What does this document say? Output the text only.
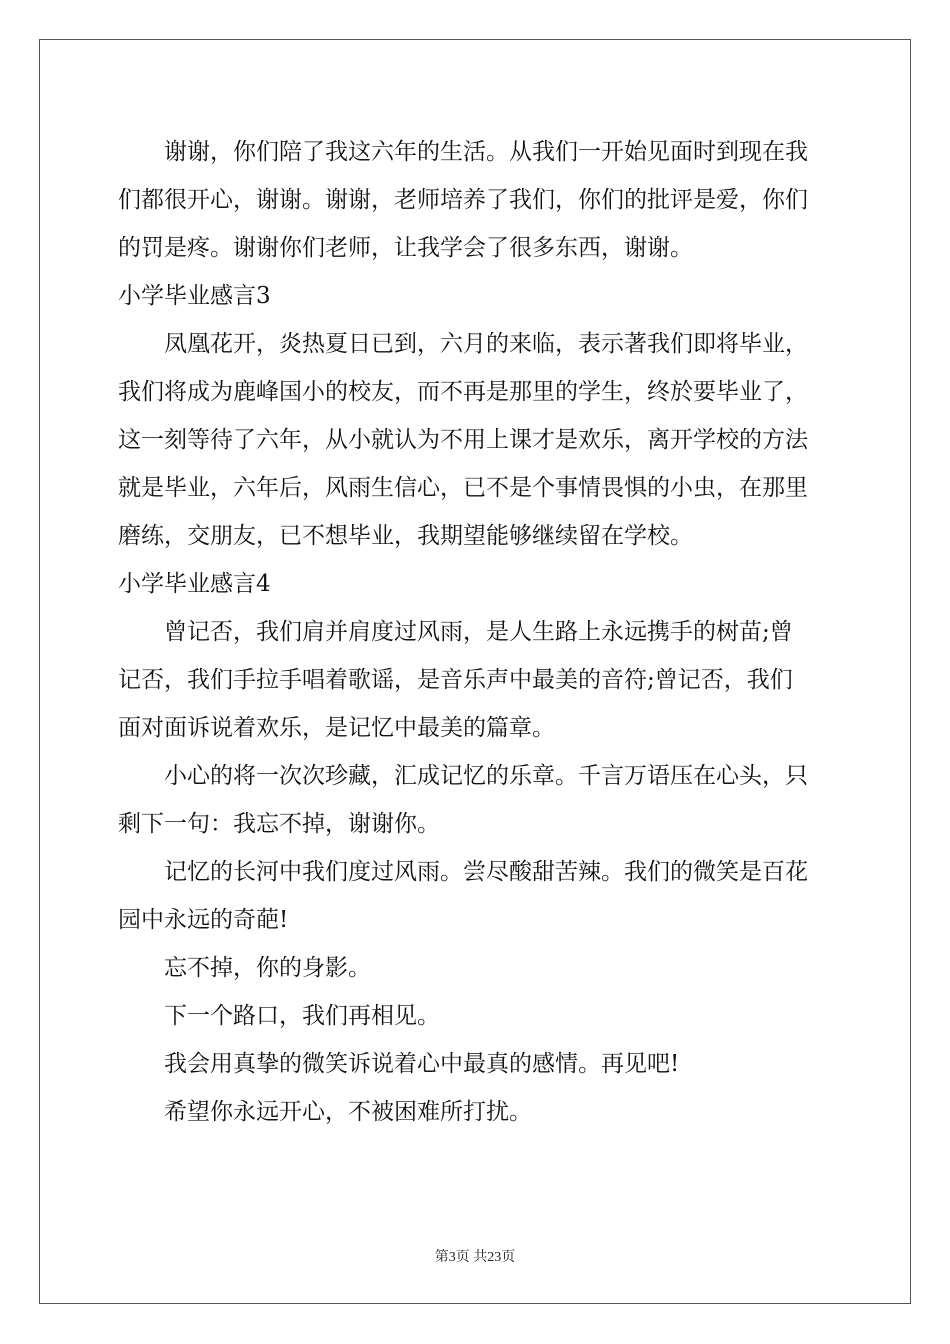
谢谢，你们陪了我这六年的生活。从我们一开始见面时到现在我
们都很开心，谢谢。谢谢，老师培养了我们，你们的批评是爱，你们
的罚是疼。谢谢你们老师，让我学会了很多东西，谢谢。
小学毕业感言3
凤凰花开，炎热夏日已到，六月的来临，表示著我们即将毕业，
我们将成为鹿峰国小的校友，而不再是那里的学生，终於要毕业了，
这一刻等待了六年，从小就认为不用上课才是欢乐，离开学校的方法
就是毕业，六年后，风雨生信心，已不是个事情畏惧的小虫，在那里
磨练，交朋友，已不想毕业，我期望能够继续留在学校。
小学毕业感言4
曾记否，我们肩并肩度过风雨，是人生路上永远携手的树苗;曾
记否，我们手拉手唱着歌谣，是音乐声中最美的音符;曾记否，我们
面对面诉说着欢乐，是记忆中最美的篇章。
小心的将一次次珍藏，汇成记忆的乐章。千言万语压在心头，只
剩下一句：我忘不掉，谢谢你。
记忆的长河中我们度过风雨。尝尽酸甜苦辣。我们的微笑是百花
园中永远的奇葩!
忘不掉，你的身影。
下一个路口，我们再相见。
我会用真挚的微笑诉说着心中最真的感情。再见吧!
希望你永远开心，不被困难所打扰。
第3页 共23页
